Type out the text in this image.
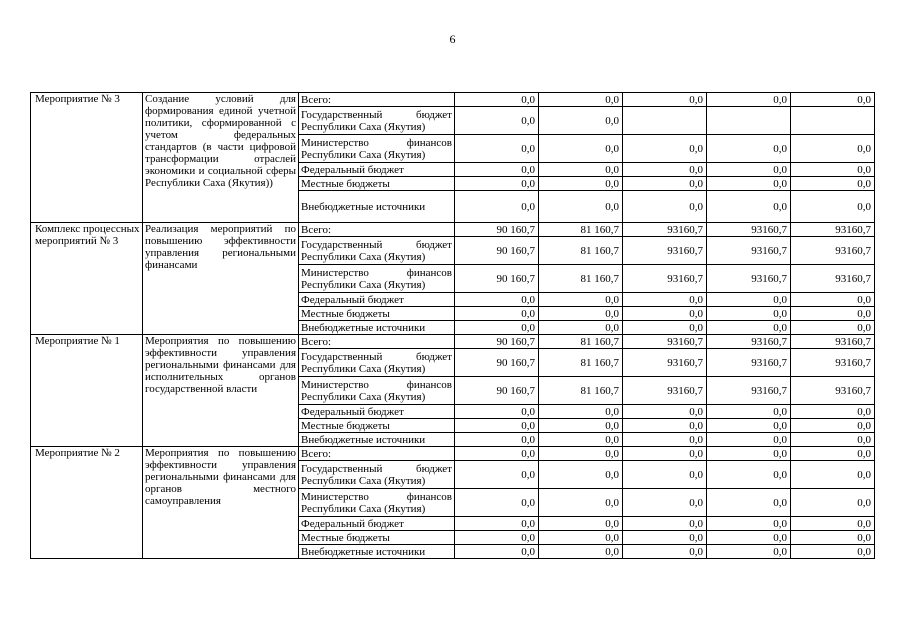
6
Мероприятие № 3	Создание условий для формирования единой учетной политики, сформированной с учетом федеральных стандартов (в части цифровой трансформации отраслей экономики и социальной сферы Республики Саха (Якутия))	Всего:	0,0	0,0	0,0	0,0	0,0
		Государственный бюджет Республики Саха (Якутия)	0,0	0,0			
		Министерство финансов Республики Саха (Якутия)	0,0	0,0	0,0	0,0	0,0
		Федеральный бюджет	0,0	0,0	0,0	0,0	0,0
		Местные бюджеты	0,0	0,0	0,0	0,0	0,0
		Внебюджетные источники	0,0	0,0	0,0	0,0	0,0
Комплекс процессных мероприятий № 3	Реализация мероприятий по повышению эффективности управления региональными финансами	Всего:	90 160,7	81 160,7	93160,7	93160,7	93160,7
		Государственный бюджет Республики Саха (Якутия)	90 160,7	81 160,7	93160,7	93160,7	93160,7
		Министерство финансов Республики Саха (Якутия)	90 160,7	81 160,7	93160,7	93160,7	93160,7
		Федеральный бюджет	0,0	0,0	0,0	0,0	0,0
		Местные бюджеты	0,0	0,0	0,0	0,0	0,0
		Внебюджетные источники	0,0	0,0	0,0	0,0	0,0
Мероприятие № 1	Мероприятия по повышению эффективности управления региональными финансами для исполнительных органов государственной власти	Всего:	90 160,7	81 160,7	93160,7	93160,7	93160,7
		Государственный бюджет Республики Саха (Якутия)	90 160,7	81 160,7	93160,7	93160,7	93160,7
		Министерство финансов Республики Саха (Якутия)	90 160,7	81 160,7	93160,7	93160,7	93160,7
		Федеральный бюджет	0,0	0,0	0,0	0,0	0,0
		Местные бюджеты	0,0	0,0	0,0	0,0	0,0
		Внебюджетные источники	0,0	0,0	0,0	0,0	0,0
Мероприятие № 2	Мероприятия по повышению эффективности управления региональными финансами для органов местного самоуправления	Всего:	0,0	0,0	0,0	0,0	0,0
		Государственный бюджет Республики Саха (Якутия)	0,0	0,0	0,0	0,0	0,0
		Министерство финансов Республики Саха (Якутия)	0,0	0,0	0,0	0,0	0,0
		Федеральный бюджет	0,0	0,0	0,0	0,0	0,0
		Местные бюджеты	0,0	0,0	0,0	0,0	0,0
		Внебюджетные источники	0,0	0,0	0,0	0,0	0,0
